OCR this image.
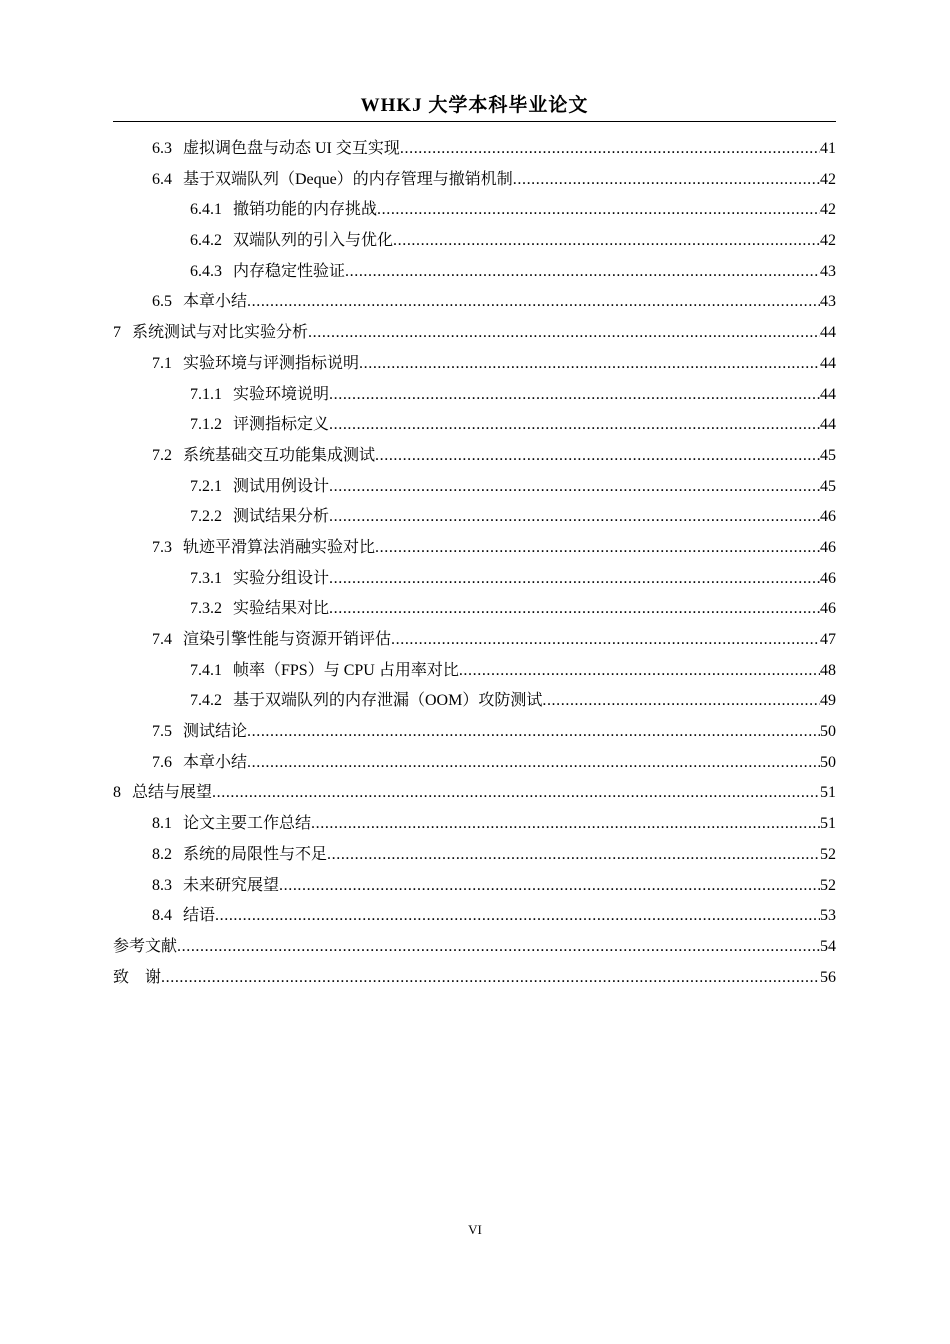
WHKJ 大学本科毕业论文
6.3 虚拟调色盘与动态 UI 交互实现 .....	41
6.4 基于双端队列（Deque）的内存管理与撤销机制 .....	42
6.4.1 撤销功能的内存挑战 .....	42
6.4.2 双端队列的引入与优化 .....	42
6.4.3 内存稳定性验证 .....	43
6.5 本章小结 .....	43
7 系统测试与对比实验分析 .....	44
7.1 实验环境与评测指标说明 .....	44
7.1.1 实验环境说明 .....	44
7.1.2 评测指标定义 .....	44
7.2 系统基础交互功能集成测试 .....	45
7.2.1 测试用例设计 .....	45
7.2.2 测试结果分析 .....	46
7.3 轨迹平滑算法消融实验对比 .....	46
7.3.1 实验分组设计 .....	46
7.3.2 实验结果对比 .....	46
7.4 渲染引擎性能与资源开销评估 .....	47
7.4.1 帧率（FPS）与 CPU 占用率对比 .....	48
7.4.2 基于双端队列的内存泄漏（OOM）攻防测试 .....	49
7.5 测试结论 .....	50
7.6 本章小结 .....	50
8 总结与展望 .....	51
8.1 论文主要工作总结 .....	51
8.2 系统的局限性与不足 .....	52
8.3 未来研究展望 .....	52
8.4 结语 .....	53
参考文献 .....	54
致　谢 .....	56
VI
